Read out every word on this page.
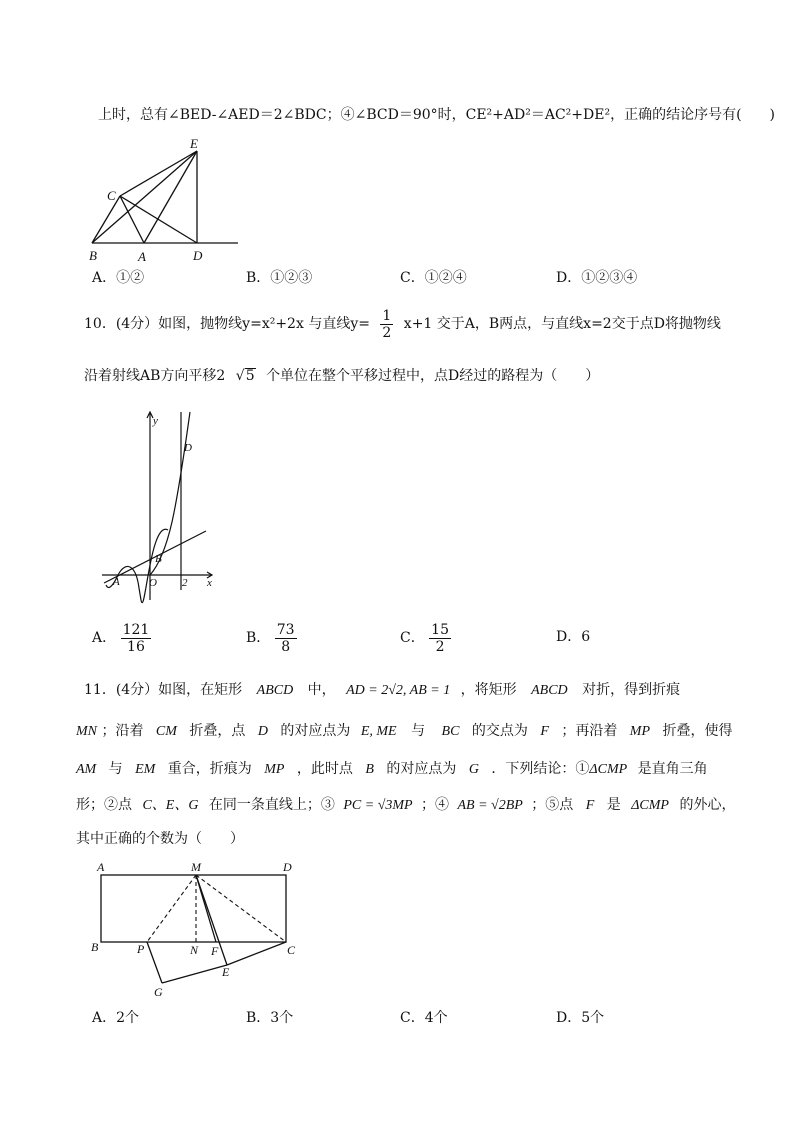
上时，总有∠BED-∠AED＝2∠BDC；④∠BCD＝90°时，CE²+AD²＝AC²+DE²，正确的结论序号有(　　)
E
C
B	A	D
A．①②	B．①②③	C．①②④	D．①②③④
10．(4分）如图，抛物线y=x²+2x 与直线$y= \frac{1}{2} x+1$ 交于A，B两点，与直线x=2交于点D将抛物线
沿着射线AB方向平移2 √5 个单位在整个平移过程中，点D经过的路程为（　　）
y
x
D
B
A	O 2
A． $\frac{121}{16}$	B． $\frac{73}{8}$	C． $\frac{15}{2}$	D．6
11．(4分）如图，在矩形 ABCD 中， AD = 2√2, AB = 1 ，将矩形 ABCD 对折，得到折痕
MN ；沿着 CM 折叠，点 D 的对应点为 E, ME 与 BC 的交点为 F ；再沿着 MP 折叠，使得
AM 与 EM 重合，折痕为 MP ，此时点 B 的对应点为 G ．下列结论：①ΔCMP 是直角三角
形；②点 C、E、G 在同一条直线上；③ PC = √3MP ；④ AB = √2BP ；⑤点 F 是 ΔCMP 的外心，
其中正确的个数为（　　）
A	M	D
B	P	N F	C
E
G
A．2个	B．3个	C．4个	D．5个
